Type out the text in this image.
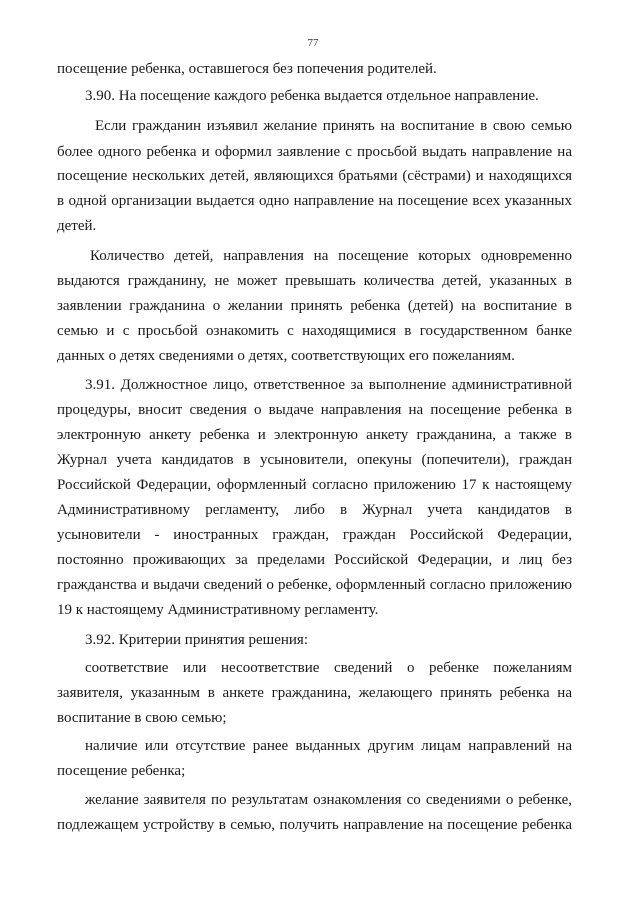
77
посещение ребенка, оставшегося без попечения родителей.
3.90. На посещение каждого ребенка выдается отдельное направление.
Если гражданин изъявил желание принять на воспитание в свою семью
более одного ребенка и оформил заявление с просьбой выдать направление на
посещение нескольких детей, являющихся братьями (сёстрами) и находящихся
в одной организации выдается одно направление на посещение всех указанных
детей.
Количество детей, направления на посещение которых одновременно
выдаются гражданину, не может превышать количества детей, указанных в
заявлении гражданина о желании принять ребенка (детей) на воспитание в
семью и с просьбой ознакомить с находящимися в государственном банке
данных о детях сведениями о детях, соответствующих его пожеланиям.
3.91. Должностное лицо, ответственное за выполнение административной
процедуры, вносит сведения о выдаче направления на посещение ребенка в
электронную анкету ребенка и электронную анкету гражданина, а также в
Журнал учета кандидатов в усыновители, опекуны (попечители), граждан
Российской Федерации, оформленный согласно приложению 17 к настоящему
Административному регламенту, либо в Журнал учета кандидатов в
усыновители - иностранных граждан, граждан Российской Федерации,
постоянно проживающих за пределами Российской Федерации, и лиц без
гражданства и выдачи сведений о ребенке, оформленный согласно приложению
19 к настоящему Административному регламенту.
3.92. Критерии принятия решения:
соответствие или несоответствие сведений о ребенке пожеланиям
заявителя, указанным в анкете гражданина, желающего принять ребенка на
воспитание в свою семью;
наличие или отсутствие ранее выданных другим лицам направлений на
посещение ребенка;
желание заявителя по результатам ознакомления со сведениями о ребенке,
подлежащем устройству в семью, получить направление на посещение ребенка
